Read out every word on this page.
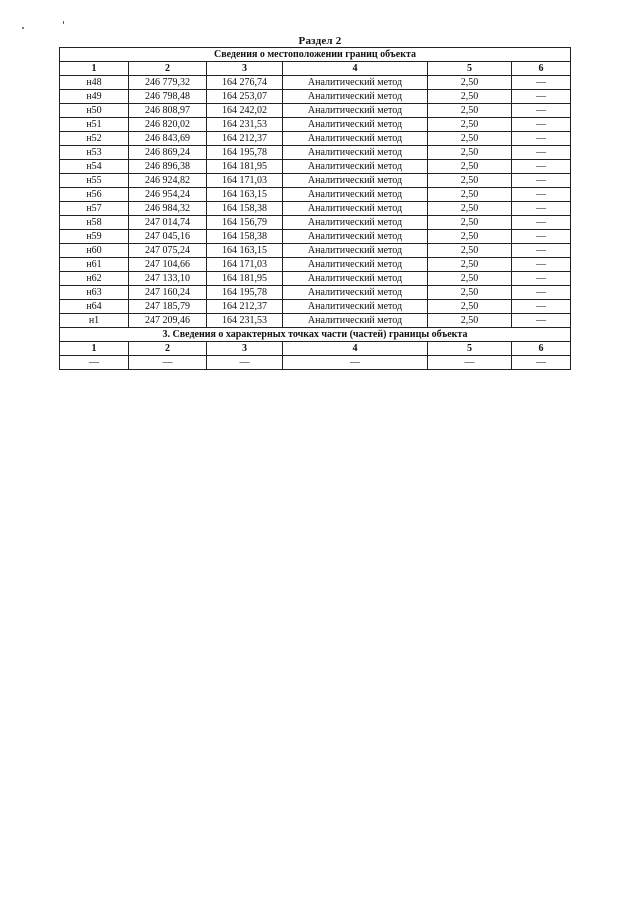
Раздел 2
Сведения о местоположении границ объекта					
1	2	3	4	5	6
н48	246 779,32	164 276,74	Аналитический метод	2,50	—
н49	246 798,48	164 253,07	Аналитический метод	2,50	—
н50	246 808,97	164 242,02	Аналитический метод	2,50	—
н51	246 820,02	164 231,53	Аналитический метод	2,50	—
н52	246 843,69	164 212,37	Аналитический метод	2,50	—
н53	246 869,24	164 195,78	Аналитический метод	2,50	—
н54	246 896,38	164 181,95	Аналитический метод	2,50	—
н55	246 924,82	164 171,03	Аналитический метод	2,50	—
н56	246 954,24	164 163,15	Аналитический метод	2,50	—
н57	246 984,32	164 158,38	Аналитический метод	2,50	—
н58	247 014,74	164 156,79	Аналитический метод	2,50	—
н59	247 045,16	164 158,38	Аналитический метод	2,50	—
н60	247 075,24	164 163,15	Аналитический метод	2,50	—
н61	247 104,66	164 171,03	Аналитический метод	2,50	—
н62	247 133,10	164 181,95	Аналитический метод	2,50	—
н63	247 160,24	164 195,78	Аналитический метод	2,50	—
н64	247 185,79	164 212,37	Аналитический метод	2,50	—
н1	247 209,46	164 231,53	Аналитический метод	2,50	—
3. Сведения о характерных точках части (частей) границы объекта					
1	2	3	4	5	6
—	—	—	—	—	—
